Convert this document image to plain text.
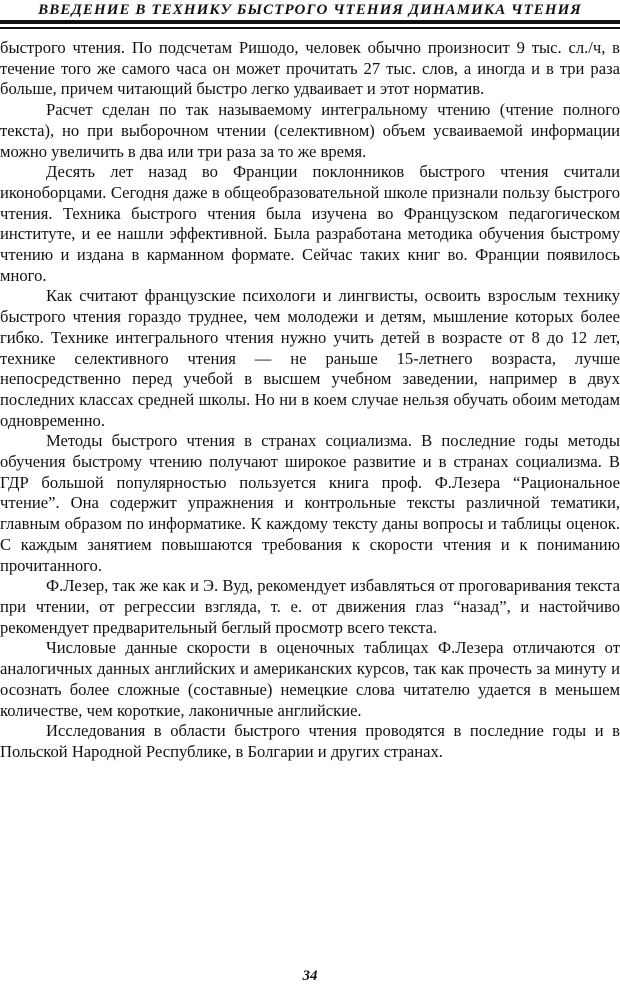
ВВЕДЕНИЕ В ТЕХНИКУ БЫСТРОГО ЧТЕНИЯ ДИНАМИКА ЧТЕНИЯ

быстрого чтения. По подсчетам Ришодо, человек обычно произносит 9 тыс. сл./ч, в течение того же самого часа он может прочитать 27 тыс. слов, а иногда и в три раза больше, причем читающий быстро легко удваивает и этот норматив.

Расчет сделан по так называемому интегральному чтению (чтение полного текста), но при выборочном чтении (селективном) объем усваиваемой информации можно увеличить в два или три раза за то же время.

Десять лет назад во Франции поклонников быстрого чтения считали иконоборцами. Сегодня даже в общеобразовательной школе признали пользу быстрого чтения. Техника быстрого чтения была изучена во Французском педагогическом институте, и ее нашли эффективной. Была разработана методика обучения быстрому чтению и издана в карманном формате. Сейчас таких книг во. Франции появилось много.

Как считают французские психологи и лингвисты, освоить взрослым технику быстрого чтения гораздо труднее, чем молодежи и детям, мышление которых более гибко. Технике интегрального чтения нужно учить детей в возрасте от 8 до 12 лет, технике селективного чтения — не раньше 15-летнего возраста, лучше непосредственно перед учебой в высшем учебном заведении, например в двух последних классах средней школы. Но ни в коем случае нельзя обучать обоим методам одновременно.

Методы быстрого чтения в странах социализма. В последние годы методы обучения быстрому чтению получают широкое развитие и в странах социализма. В ГДР большой популярностью пользуется книга проф. Ф.Лезера “Рациональное чтение”. Она содержит упражнения и контрольные тексты различной тематики, главным образом по информатике. К каждому тексту даны вопросы и таблицы оценок. С каждым занятием повышаются требования к скорости чтения и к пониманию прочитанного.

Ф.Лезер, так же как и Э. Вуд, рекомендует избавляться от проговаривания текста при чтении, от регрессии взгляда, т. е. от движения глаз “назад”, и настойчиво рекомендует предварительный беглый просмотр всего текста.

Числовые данные скорости в оценочных таблицах Ф.Лезера отличаются от аналогичных данных английских и американских курсов, так как прочесть за минуту и осознать более сложные (составные) немецкие слова читателю удается в меньшем количестве, чем короткие, лаконичные английские.

Исследования в области быстрого чтения проводятся в последние годы и в Польской Народной Республике, в Болгарии и других странах.

34
